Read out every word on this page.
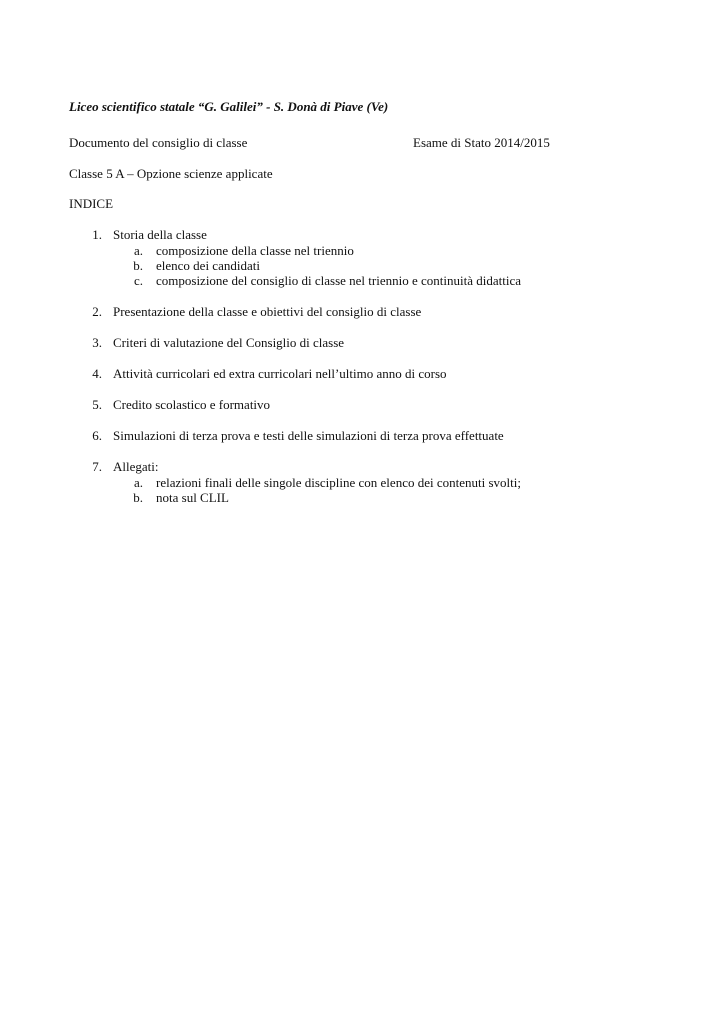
Liceo scientifico statale “G. Galilei” - S. Donà di Piave (Ve)
Documento del consiglio di classe	Esame di Stato 2014/2015
Classe 5 A – Opzione scienze applicate
INDICE
1. Storia della classe
a. composizione della classe nel triennio
b. elenco dei candidati
c. composizione del consiglio di classe nel triennio e continuità didattica
2. Presentazione della classe e obiettivi del consiglio di classe
3. Criteri di valutazione del Consiglio di classe
4. Attività curricolari ed extra curricolari nell’ultimo anno di corso
5. Credito scolastico e formativo
6. Simulazioni di terza prova e testi delle simulazioni di terza prova effettuate
7. Allegati:
a. relazioni finali delle singole discipline con elenco dei contenuti svolti;
b. nota sul CLIL
